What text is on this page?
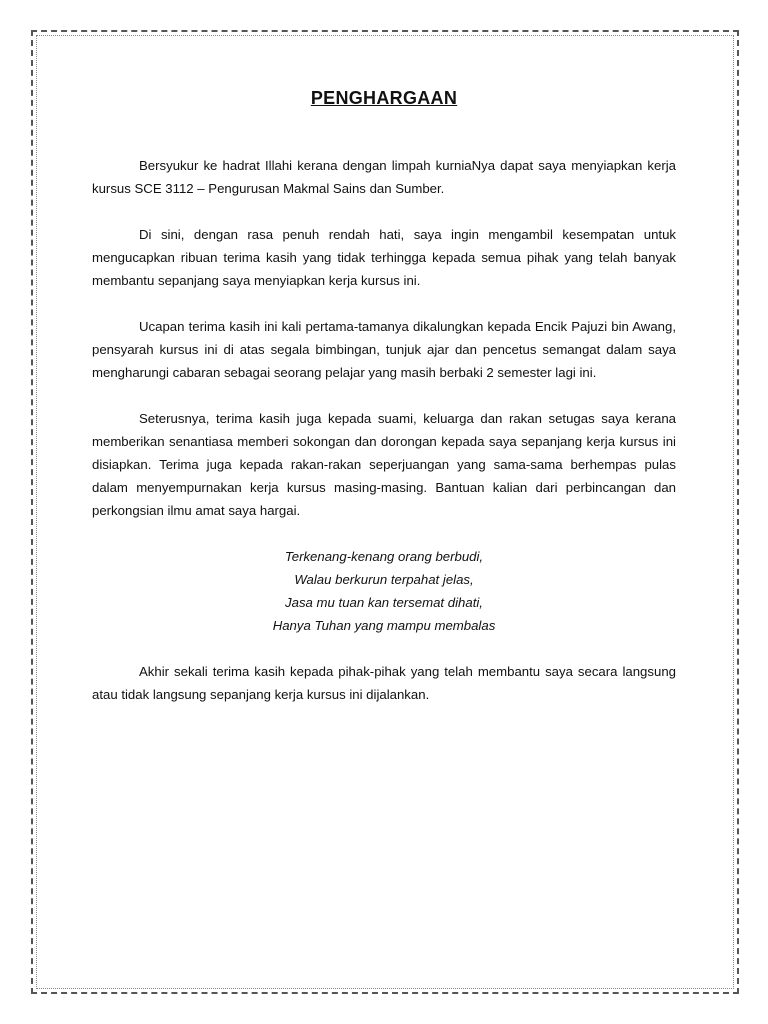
PENGHARGAAN

Bersyukur ke hadrat Illahi kerana dengan limpah kurniaNya dapat saya menyiapkan kerja kursus SCE 3112 – Pengurusan Makmal Sains dan Sumber.

Di sini, dengan rasa penuh rendah hati, saya ingin mengambil kesempatan untuk mengucapkan ribuan terima kasih yang tidak terhingga kepada semua pihak yang telah banyak membantu sepanjang saya menyiapkan kerja kursus ini.

Ucapan terima kasih ini kali pertama-tamanya dikalungkan kepada Encik Pajuzi bin Awang, pensyarah kursus ini di atas segala bimbingan, tunjuk ajar dan pencetus semangat dalam saya mengharungi cabaran sebagai seorang pelajar yang masih berbaki 2 semester lagi ini.

Seterusnya, terima kasih juga kepada suami, keluarga dan rakan setugas saya kerana memberikan senantiasa memberi sokongan dan dorongan kepada saya sepanjang kerja kursus ini disiapkan. Terima juga kepada rakan-rakan seperjuangan yang sama-sama berhempas pulas dalam menyempurnakan kerja kursus masing-masing. Bantuan kalian dari perbincangan dan perkongsian ilmu amat saya hargai.

Terkenang-kenang orang berbudi,
Walau berkurun terpahat jelas,
Jasa mu tuan kan tersemat dihati,
Hanya Tuhan yang mampu membalas

Akhir sekali terima kasih kepada pihak-pihak yang telah membantu saya secara langsung atau tidak langsung sepanjang kerja kursus ini dijalankan.
